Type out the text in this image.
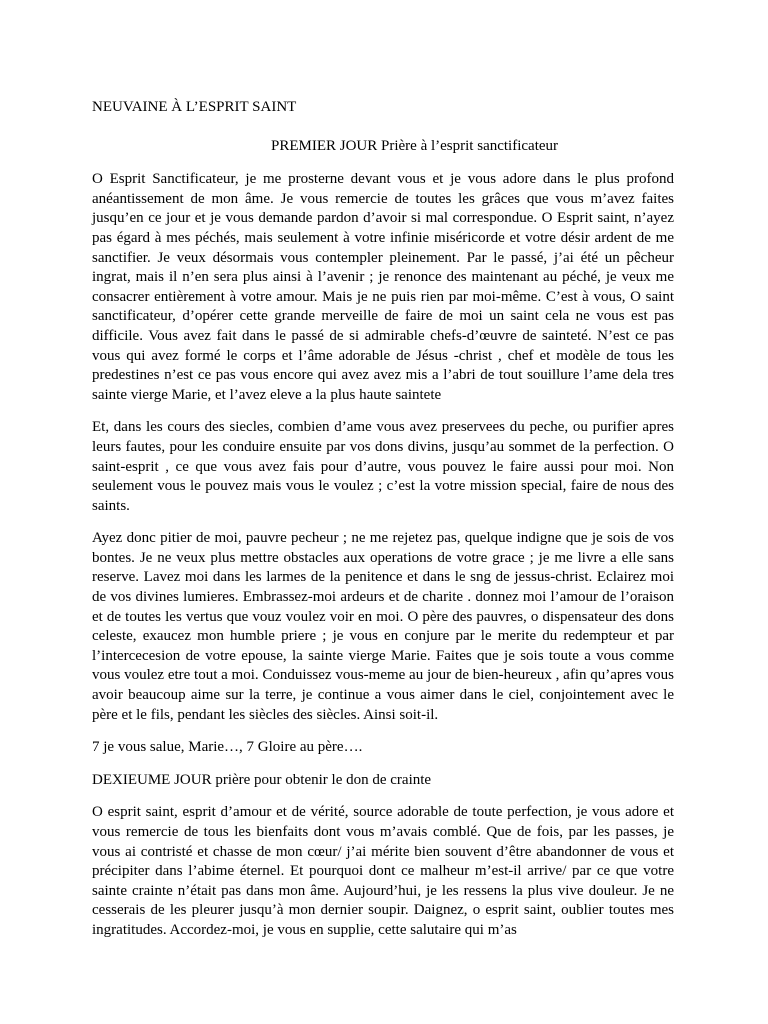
NEUVAINE À L’ESPRIT SAINT
PREMIER JOUR Prière à l’esprit sanctificateur

O Esprit Sanctificateur, je me prosterne devant vous et je vous adore dans le plus profond anéantissement de mon âme. Je vous remercie de toutes les grâces que vous m’avez faites jusqu’en ce jour et je vous demande pardon d’avoir si mal correspondue. O Esprit saint, n’ayez pas égard à mes péchés, mais seulement à votre infinie miséricorde et votre désir ardent de me sanctifier. Je veux désormais vous contempler pleinement. Par le passé, j’ai été un pêcheur ingrat, mais il n’en sera plus ainsi à l’avenir ; je renonce des maintenant au péché, je veux me consacrer entièrement à votre amour. Mais je ne puis rien par moi-même. C’est à vous, O saint sanctificateur, d’opérer cette grande merveille de faire de moi un saint cela ne vous est pas difficile. Vous avez fait dans le passé de si admirable chefs-d’œuvre de sainteté. N’est ce pas vous qui avez formé le corps et l’âme adorable de Jésus -christ , chef et modèle de tous les predestines n’est ce pas vous encore qui avez avez mis a l’abri de tout souillure l’ame dela tres sainte vierge Marie, et l’avez eleve a la plus haute saintete

Et, dans les cours des siecles, combien d’ame vous avez preservees du peche, ou purifier apres leurs fautes, pour les conduire ensuite par vos dons divins, jusqu’au sommet de la perfection. O saint-esprit , ce que vous avez fais pour d’autre, vous pouvez le faire aussi pour moi. Non seulement vous le pouvez mais vous le voulez ; c’est la votre mission special, faire de nous des saints.

Ayez donc pitier de moi, pauvre pecheur ; ne me rejetez pas, quelque indigne que je sois de vos bontes. Je ne veux plus mettre obstacles aux operations de votre grace ; je me livre a elle sans reserve. Lavez moi dans les larmes de la penitence et dans le sng de jessus-christ. Eclairez moi de vos divines lumieres. Embrassez-moi ardeurs et de charite . donnez moi l’amour de l’oraison et de toutes les vertus que vouz voulez voir en moi. O père des pauvres, o dispensateur des dons celeste, exaucez mon humble priere ; je vous en conjure par le merite du redempteur et par l’intercecesion de votre epouse, la sainte vierge Marie. Faites que je sois toute a vous comme vous voulez etre tout a moi. Conduissez vous-meme au jour de bien-heureux , afin qu’apres vous avoir beaucoup aime sur la terre, je continue a vous aimer dans le ciel, conjointement avec le père et le fils, pendant les siècles des siècles. Ainsi soit-il.

7 je vous salue, Marie…, 7 Gloire au père….

DEXIEUME JOUR prière pour obtenir le don de crainte

O esprit saint, esprit d’amour et de vérité, source adorable de toute perfection, je vous adore et vous remercie de tous les bienfaits dont vous m’avais comblé. Que de fois, par les passes, je vous ai contristé et chasse de mon cœur/ j’ai mérite bien souvent d’être abandonner de vous et précipiter dans l’abime éternel. Et pourquoi dont ce malheur m’est-il arrive/ par ce que votre sainte crainte n’était pas dans mon âme. Aujourd’hui, je les ressens la plus vive douleur. Je ne cesserais de les pleurer jusqu’à mon dernier soupir. Daignez, o esprit saint, oublier toutes mes ingratitudes. Accordez-moi, je vous en supplie, cette salutaire qui m’as
